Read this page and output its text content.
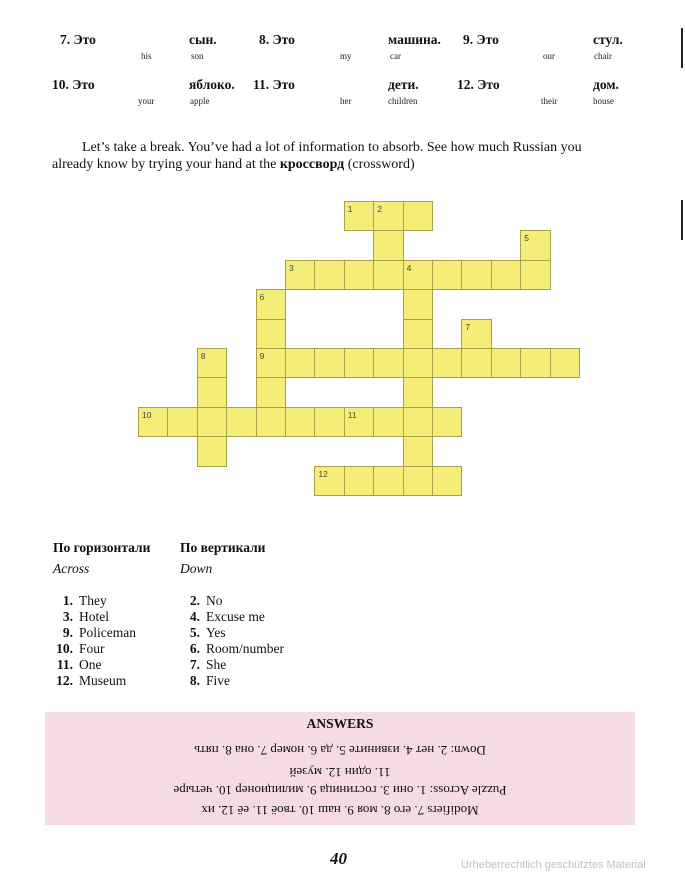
7. Это	сын.
his	son
8. Это	машина.
my	car
9. Это	стул.
our	chair
10. Это	яблоко.
your	apple
11. Это	дети.
her	children
12. Это	дом.
their	house
Let’s take a break. You’ve had a lot of information to absorb. See how much Russian you already know by trying your hand at the кроссворд (crossword)
1	2
5
3	4
6
7
8	9
10	11
12
По горизонтали
Across
1. They
3. Hotel
9. Policeman
10. Four
11. One
12. Museum
По вертикали
Down
2. No
4. Excuse me
5. Yes
6. Room/number
7. She
8. Five
ANSWERS
Modifiers 7. его 8. моя 9. наш 10. твоё 11. её 12. их
Puzzle Across: 1. они 3. гостиница 9. милиционер 10. четыре
11. один 12. музей
Down: 2. нет 4. извините 5. да 6. номер 7. она 8. пять
40	Urheberrechtlich geschütztes Material
